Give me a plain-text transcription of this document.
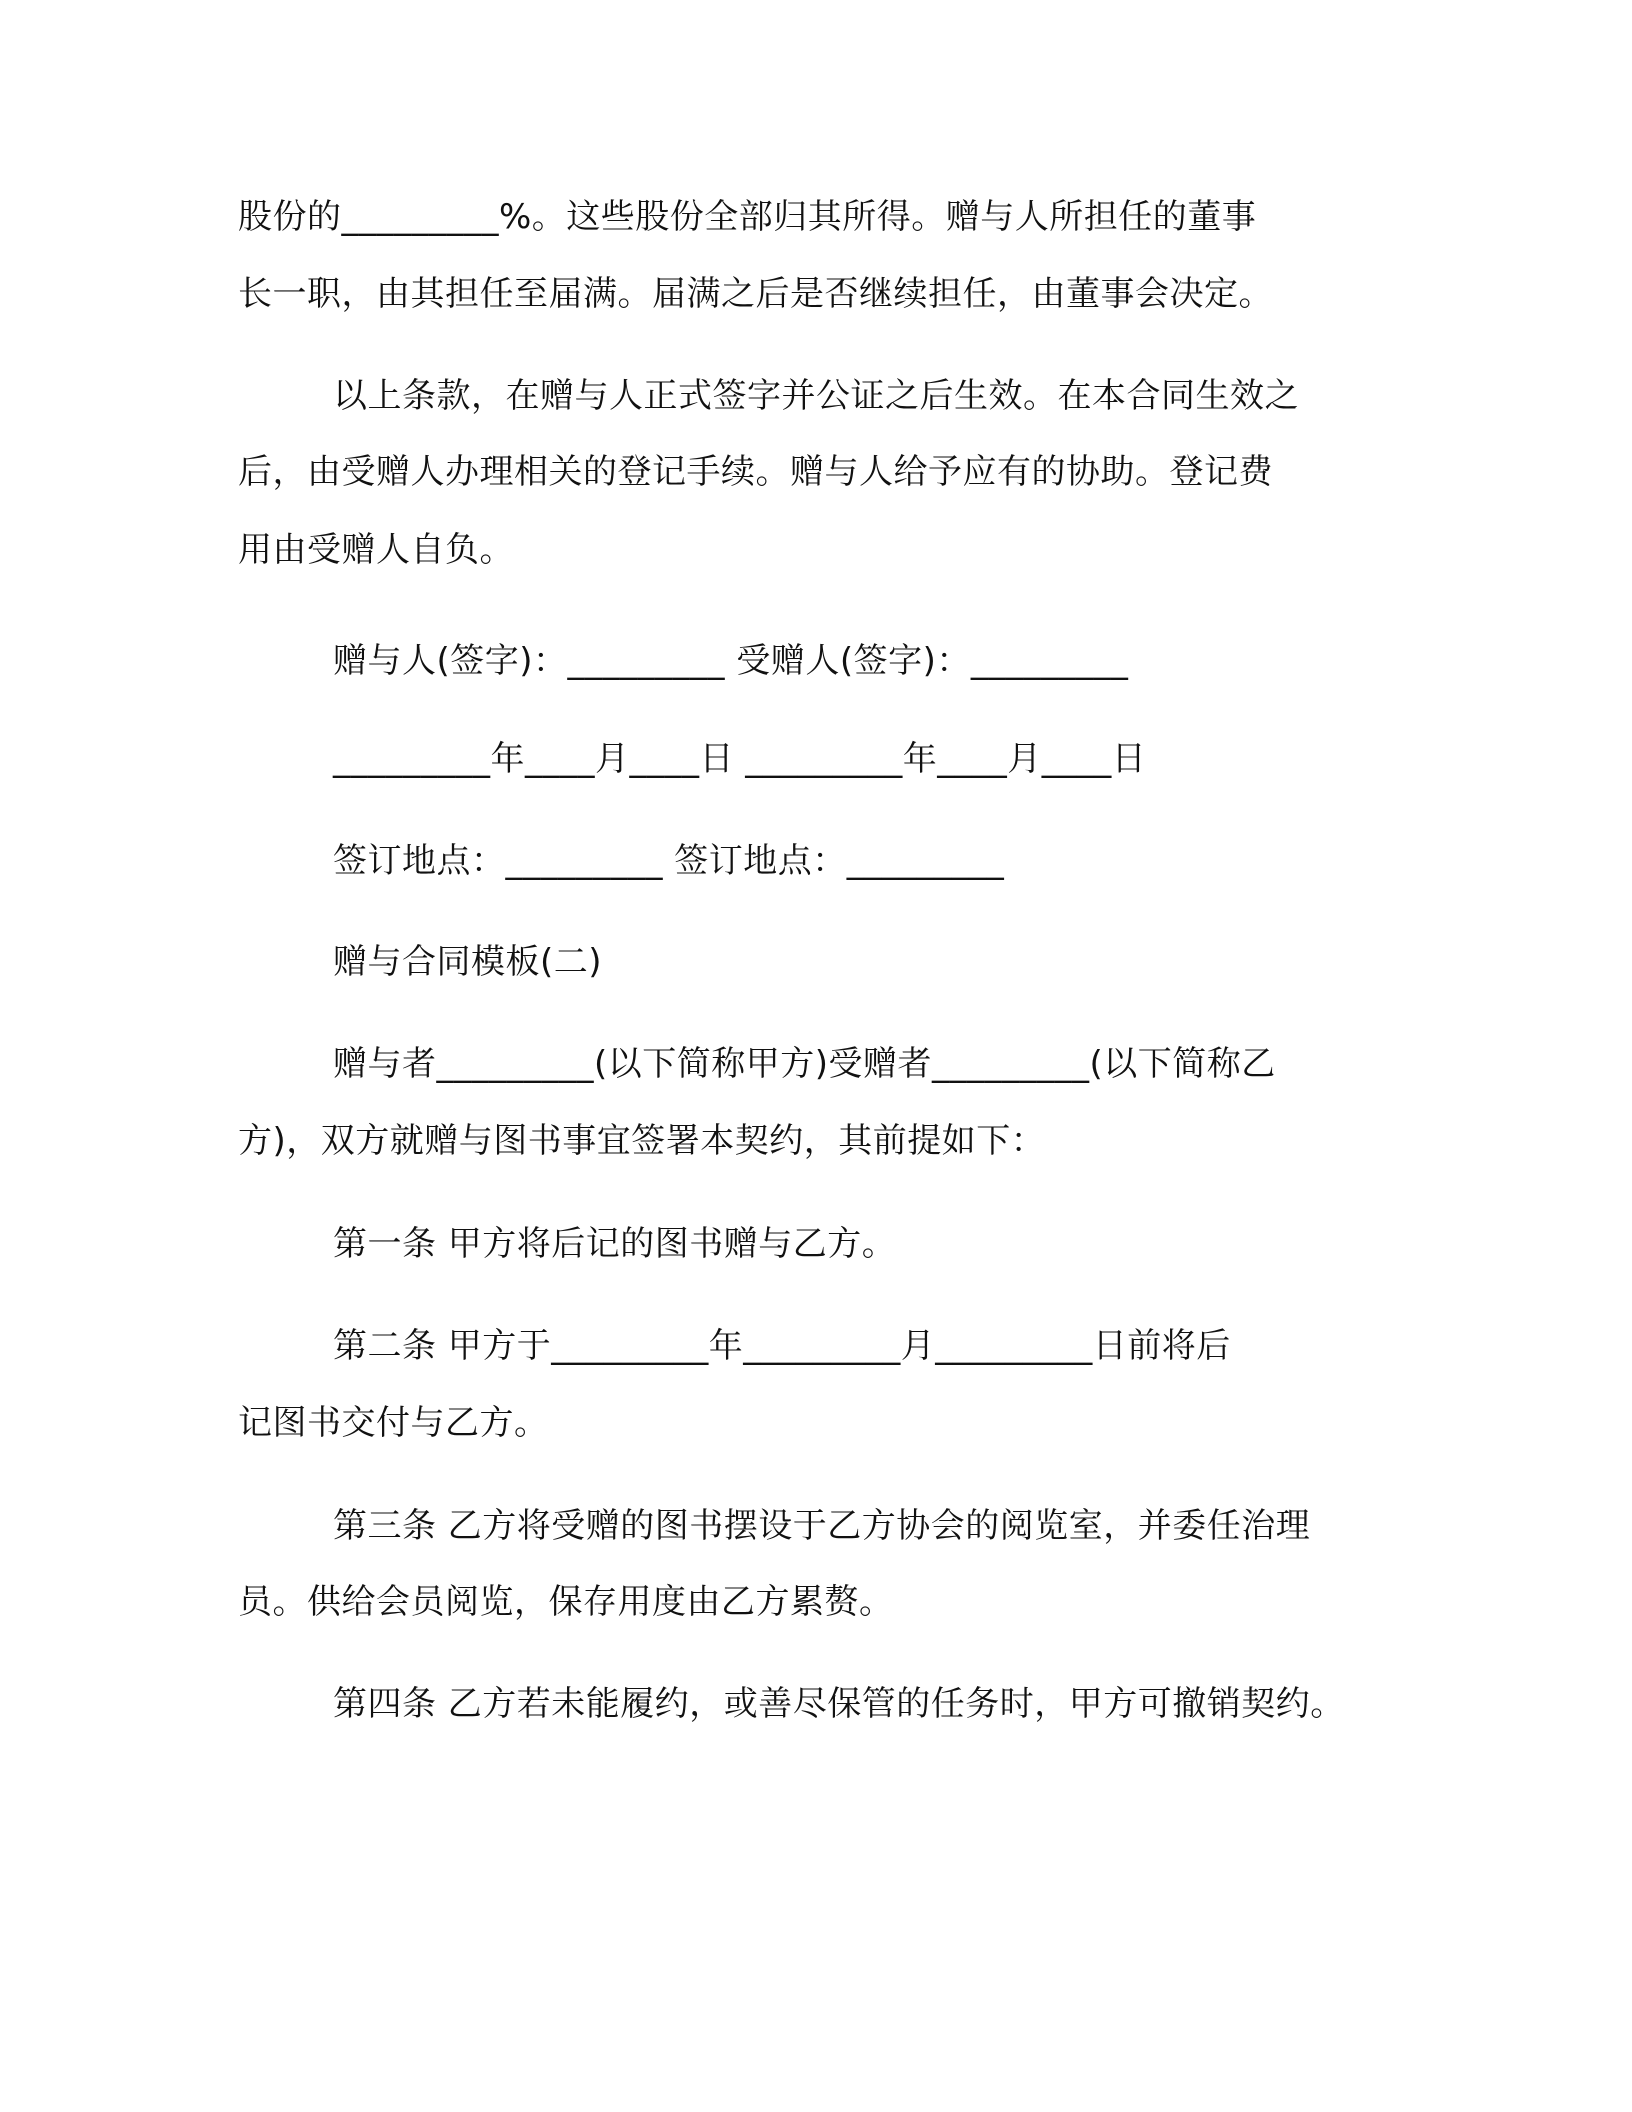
股份的_________%。这些股份全部归其所得。赠与人所担任的董事
长一职，由其担任至届满。届满之后是否继续担任，由董事会决定。
以上条款，在赠与人正式签字并公证之后生效。在本合同生效之
后，由受赠人办理相关的登记手续。赠与人给予应有的协助。登记费
用由受赠人自负。
赠与人(签字)：_________ 受赠人(签字)：_________
_________年____月____日 _________年____月____日
签订地点：_________ 签订地点：_________
赠与合同模板(二)
赠与者_________(以下简称甲方)受赠者_________(以下简称乙
方)，双方就赠与图书事宜签署本契约，其前提如下：
第一条 甲方将后记的图书赠与乙方。
第二条 甲方于_________年_________月_________日前将后
记图书交付与乙方。
第三条 乙方将受赠的图书摆设于乙方协会的阅览室，并委任治理
员。供给会员阅览，保存用度由乙方累赘。
第四条 乙方若未能履约，或善尽保管的任务时，甲方可撤销契约。
